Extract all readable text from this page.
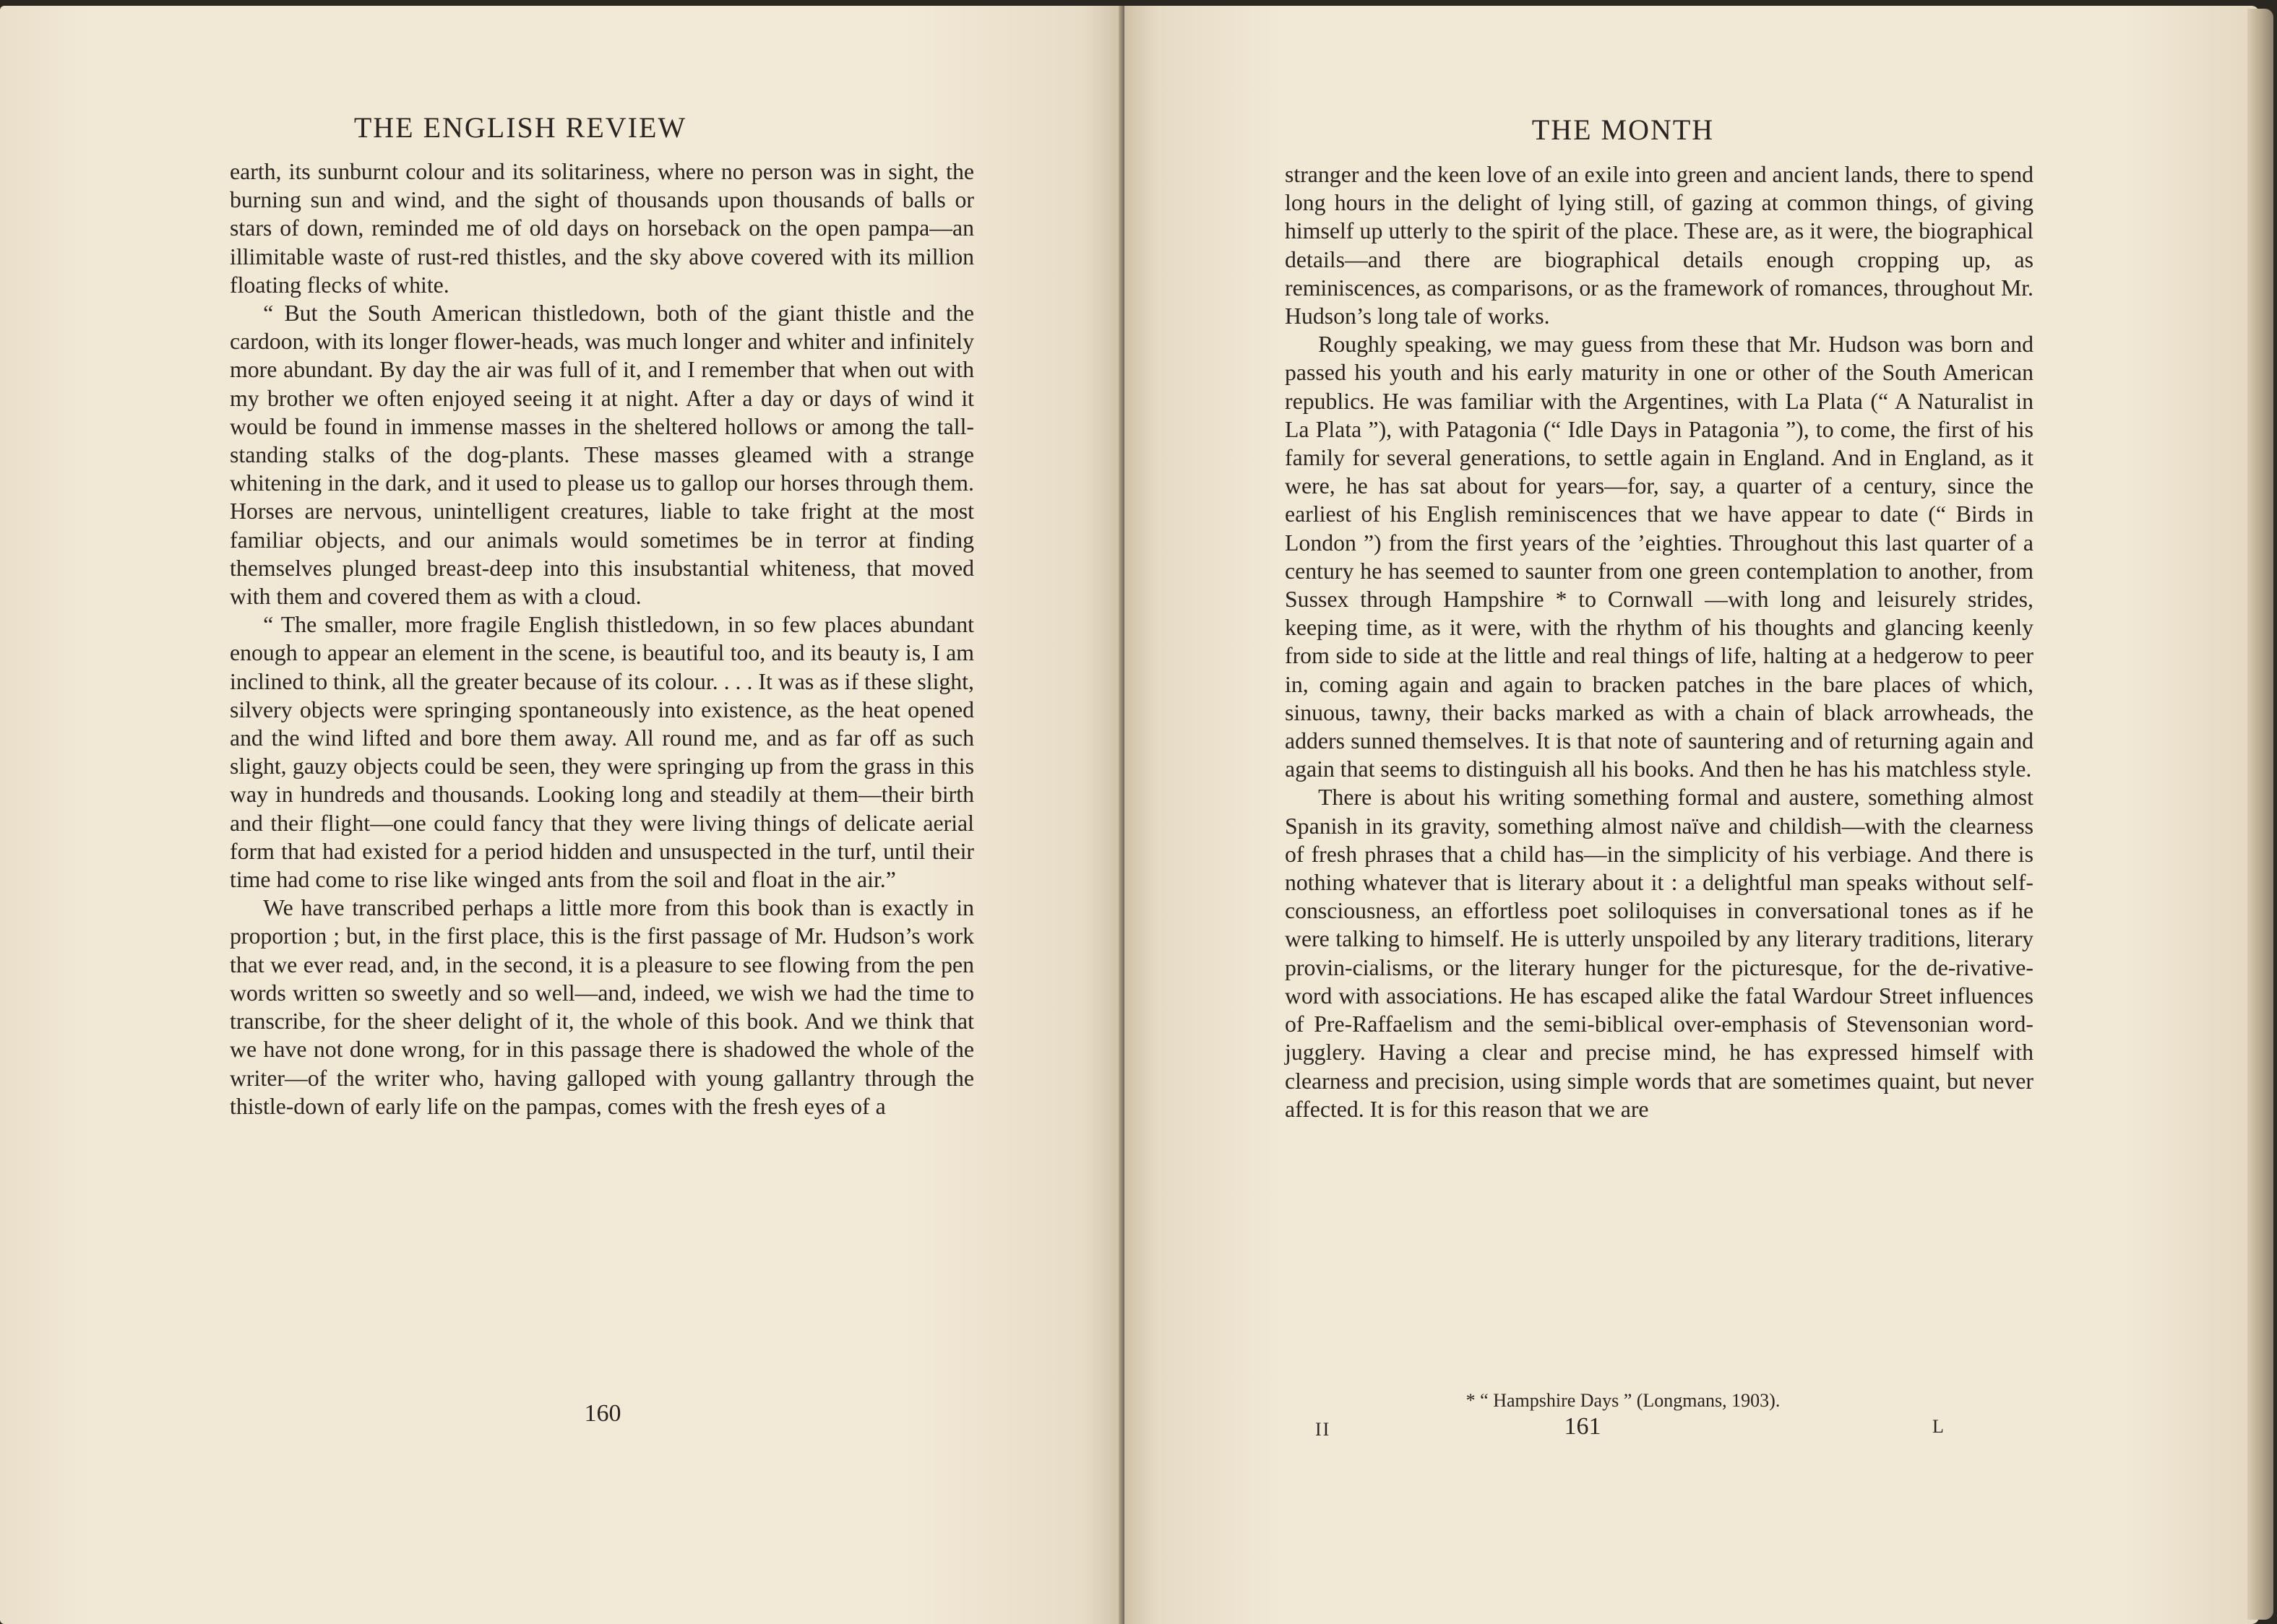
THE ENGLISH REVIEW

earth, its sunburnt colour and its solitariness, where no person was in sight, the burning sun and wind, and the sight of thousands upon thousands of balls or stars of down, reminded me of old days on horseback on the open pampa—an illimitable waste of rust-red thistles, and the sky above covered with its million floating flecks of white.

“ But the South American thistledown, both of the giant thistle and the cardoon, with its longer flower-heads, was much longer and whiter and infinitely more abundant. By day the air was full of it, and I remember that when out with my brother we often enjoyed seeing it at night. After a day or days of wind it would be found in immense masses in the sheltered hollows or among the tall-standing stalks of the dog-plants. These masses gleamed with a strange whitening in the dark, and it used to please us to gallop our horses through them. Horses are nervous, unintelligent creatures, liable to take fright at the most familiar objects, and our animals would sometimes be in terror at finding themselves plunged breast-deep into this insubstantial whiteness, that moved with them and covered them as with a cloud.

“ The smaller, more fragile English thistledown, in so few places abundant enough to appear an element in the scene, is beautiful too, and its beauty is, I am inclined to think, all the greater because of its colour. . . . It was as if these slight, silvery objects were springing spontaneously into existence, as the heat opened and the wind lifted and bore them away. All round me, and as far off as such slight, gauzy objects could be seen, they were springing up from the grass in this way in hundreds and thousands. Looking long and steadily at them—their birth and their flight—one could fancy that they were living things of delicate aerial form that had existed for a period hidden and unsuspected in the turf, until their time had come to rise like winged ants from the soil and float in the air.”

We have transcribed perhaps a little more from this book than is exactly in proportion ; but, in the first place, this is the first passage of Mr. Hudson’s work that we ever read, and, in the second, it is a pleasure to see flowing from the pen words written so sweetly and so well—and, indeed, we wish we had the time to transcribe, for the sheer delight of it, the whole of this book. And we think that we have not done wrong, for in this passage there is shadowed the whole of the writer—of the writer who, having galloped with young gallantry through the thistle-down of early life on the pampas, comes with the fresh eyes of a

160
THE MONTH

stranger and the keen love of an exile into green and ancient lands, there to spend long hours in the delight of lying still, of gazing at common things, of giving himself up utterly to the spirit of the place. These are, as it were, the biographical details—and there are biographical details enough cropping up, as reminiscences, as comparisons, or as the framework of romances, throughout Mr. Hudson’s long tale of works.

Roughly speaking, we may guess from these that Mr. Hudson was born and passed his youth and his early maturity in one or other of the South American republics. He was familiar with the Argentines, with La Plata (“ A Naturalist in La Plata ”), with Patagonia (“ Idle Days in Patagonia ”), to come, the first of his family for several generations, to settle again in England. And in England, as it were, he has sat about for years—for, say, a quarter of a century, since the earliest of his English reminiscences that we have appear to date (“ Birds in London ”) from the first years of the ’eighties. Throughout this last quarter of a century he has seemed to saunter from one green contemplation to another, from Sussex through Hampshire * to Cornwall —with long and leisurely strides, keeping time, as it were, with the rhythm of his thoughts and glancing keenly from side to side at the little and real things of life, halting at a hedgerow to peer in, coming again and again to bracken patches in the bare places of which, sinuous, tawny, their backs marked as with a chain of black arrowheads, the adders sunned themselves. It is that note of sauntering and of returning again and again that seems to distinguish all his books. And then he has his matchless style.

There is about his writing something formal and austere, something almost Spanish in its gravity, something almost naïve and childish—with the clearness of fresh phrases that a child has—in the simplicity of his verbiage. And there is nothing whatever that is literary about it : a delightful man speaks without self-consciousness, an effortless poet soliloquises in conversational tones as if he were talking to himself. He is utterly unspoiled by any literary traditions, literary provin-cialisms, or the literary hunger for the picturesque, for the de-rivative-word with associations. He has escaped alike the fatal Wardour Street influences of Pre-Raffaelism and the semi-biblical over-emphasis of Stevensonian word-jugglery. Having a clear and precise mind, he has expressed himself with clearness and precision, using simple words that are sometimes quaint, but never affected. It is for this reason that we are

* “ Hampshire Days ” (Longmans, 1903).
II	161	L
